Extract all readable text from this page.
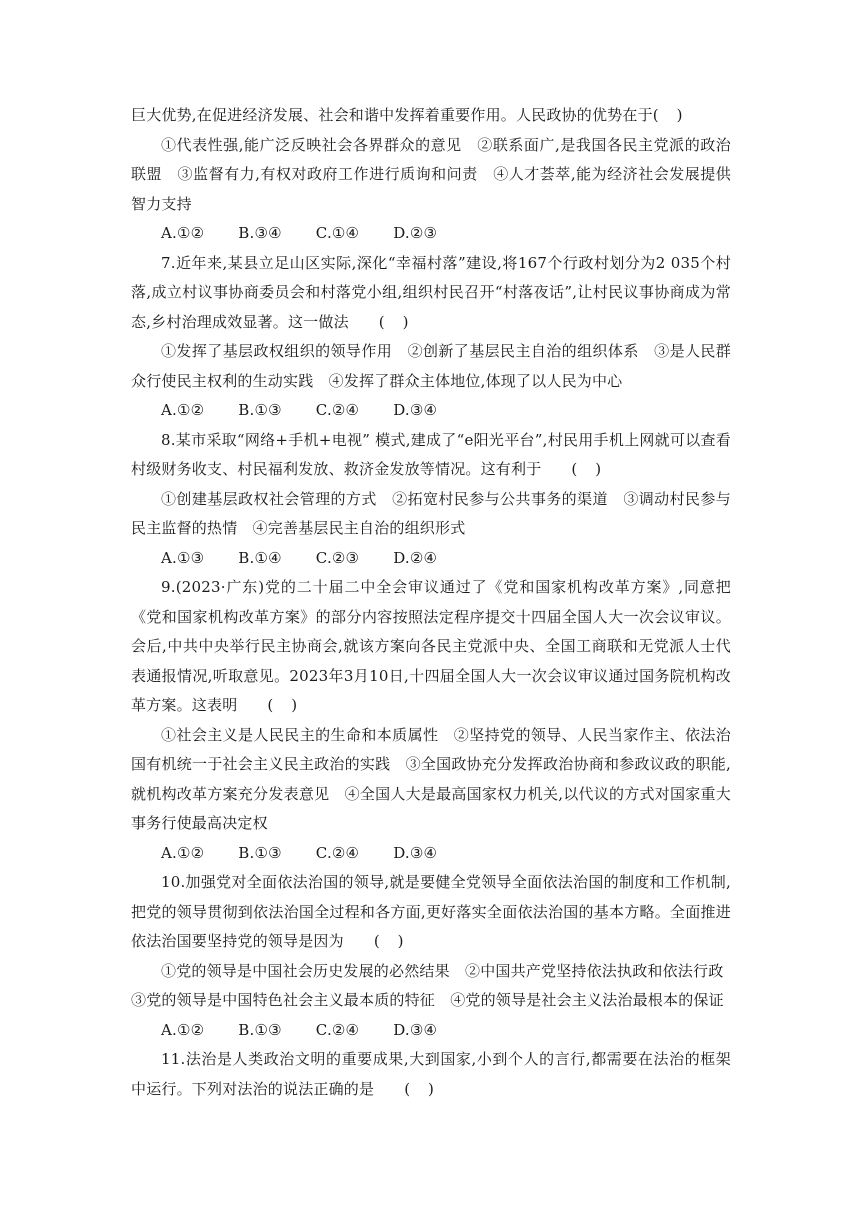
巨大优势,在促进经济发展、社会和谐中发挥着重要作用。人民政协的优势在于()

①代表性强,能广泛反映社会各界群众的意见　②联系面广,是我国各民主党派的政治联盟　③监督有力,有权对政府工作进行质询和问责　④人才荟萃,能为经济社会发展提供智力支持

A.①② B.③④ C.①④ D.②③

7.近年来,某县立足山区实际,深化“幸福村落”建设,将167个行政村划分为2 035个村落,成立村议事协商委员会和村落党小组,组织村民召开“村落夜话”,让村民议事协商成为常态,乡村治理成效显著。这一做法 ()

①发挥了基层政权组织的领导作用　②创新了基层民主自治的组织体系　③是人民群众行使民主权利的生动实践　④发挥了群众主体地位,体现了以人民为中心

A.①② B.①③ C.②④ D.③④

8.某市采取“网络+手机+电视” 模式,建成了“e阳光平台”,村民用手机上网就可以查看村级财务收支、村民福利发放、救济金发放等情况。这有利于 ()

①创建基层政权社会管理的方式　②拓宽村民参与公共事务的渠道　③调动村民参与民主监督的热情　④完善基层民主自治的组织形式

A.①③ B.①④ C.②③ D.②④

9.(2023·广东)党的二十届二中全会审议通过了《党和国家机构改革方案》,同意把《党和国家机构改革方案》的部分内容按照法定程序提交十四届全国人大一次会议审议。会后,中共中央举行民主协商会,就该方案向各民主党派中央、全国工商联和无党派人士代表通报情况,听取意见。2023年3月10日,十四届全国人大一次会议审议通过国务院机构改革方案。这表明 ()

①社会主义是人民民主的生命和本质属性　②坚持党的领导、人民当家作主、依法治国有机统一于社会主义民主政治的实践　③全国政协充分发挥政治协商和参政议政的职能,就机构改革方案充分发表意见　④全国人大是最高国家权力机关,以代议的方式对国家重大事务行使最高决定权

A.①② B.①③ C.②④ D.③④

10.加强党对全面依法治国的领导,就是要健全党领导全面依法治国的制度和工作机制,把党的领导贯彻到依法治国全过程和各方面,更好落实全面依法治国的基本方略。全面推进依法治国要坚持党的领导是因为 ()

①党的领导是中国社会历史发展的必然结果　②中国共产党坚持依法执政和依法行政

③党的领导是中国特色社会主义最本质的特征　④党的领导是社会主义法治最根本的保证

A.①② B.①③ C.②④ D.③④

11.法治是人类政治文明的重要成果,大到国家,小到个人的言行,都需要在法治的框架中运行。下列对法治的说法正确的是 ()
